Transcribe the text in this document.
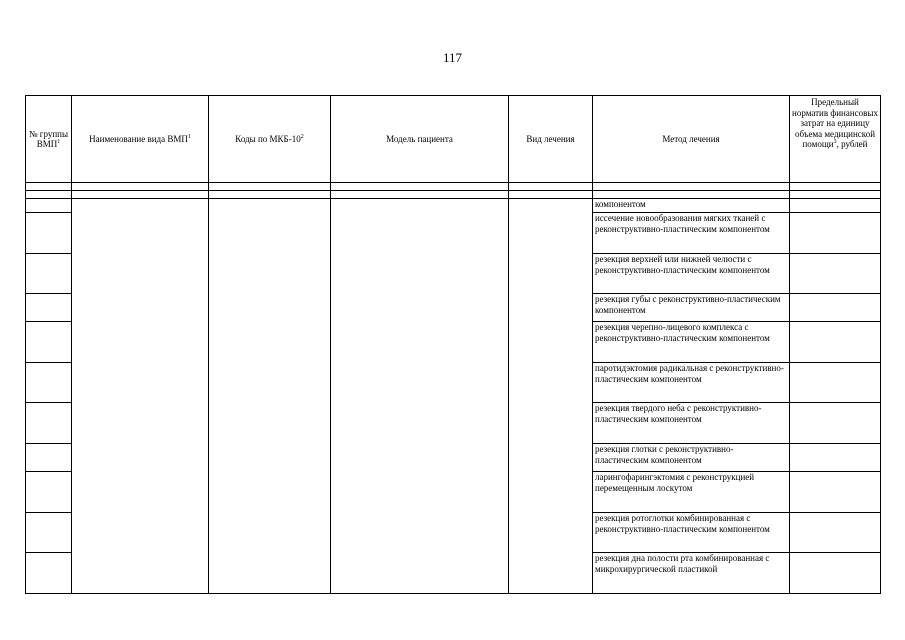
117
№ группы ВМП$^1$	Наименование вида ВМП$^1$	Коды по МКБ-$10^2$	Модель пациента	Вид лечения	Метод лечения	Предельный норматив финансовых затрат на единицу объема медицинской помощи$^3$, рублей

					компонентом	
					иссечение новообразования мягких тканей с реконструктивно-пластическим компонентом	
					резекция верхней или нижней челюсти с реконструктивно-пластическим компонентом	
					резекция губы с реконструктивно-пластическим компонентом	
					резекция черепно-лицевого комплекса с реконструктивно-пластическим компонентом	
					паротидэктомия радикальная с реконструктивно-пластическим компонентом	
					резекция твердого неба с реконструктивно-пластическим компонентом	
					резекция глотки с реконструктивно-пластическим компонентом	
					ларингофарингэктомия с реконструкцией перемещенным лоскутом	
					резекция ротоглотки комбинированная с реконструктивно-пластическим компонентом	
					резекция дна полости рта комбинированная с микрохирургической пластикой	
